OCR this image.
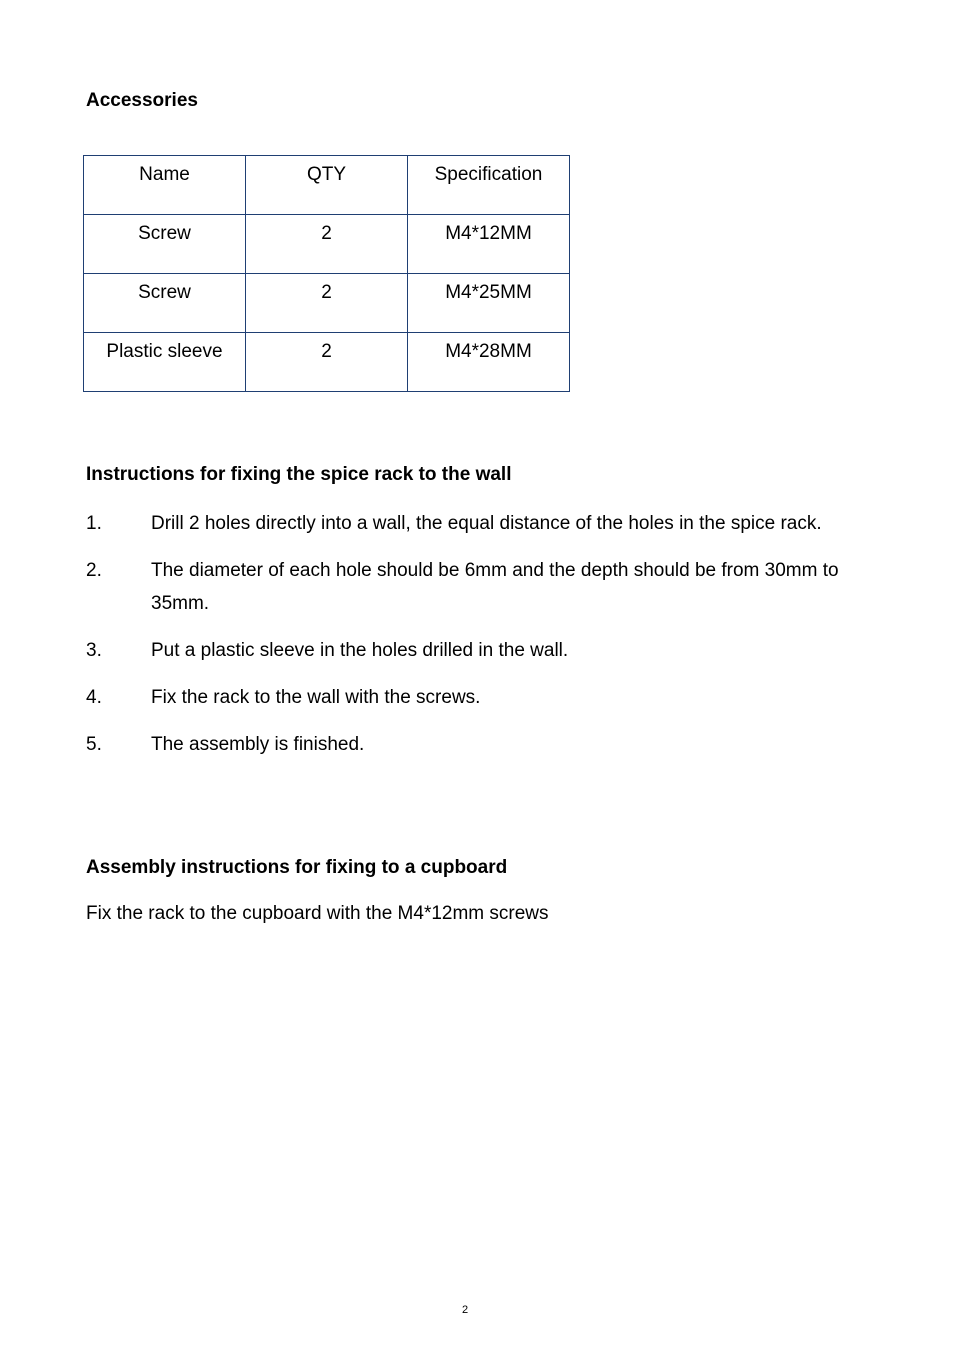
Accessories
Name	QTY	Specification
Screw	2	M4*12MM
Screw	2	M4*25MM
Plastic sleeve	2	M4*28MM
Instructions for fixing the spice rack to the wall
1.	Drill 2 holes directly into a wall, the equal distance of the holes in the spice rack.
2.	The diameter of each hole should be 6mm and the depth should be from 30mm to 35mm.
3.	Put a plastic sleeve in the holes drilled in the wall.
4.	Fix the rack to the wall with the screws.
5.	The assembly is finished.
Assembly instructions for fixing to a cupboard

Fix the rack to the cupboard with the M4*12mm screws

2
